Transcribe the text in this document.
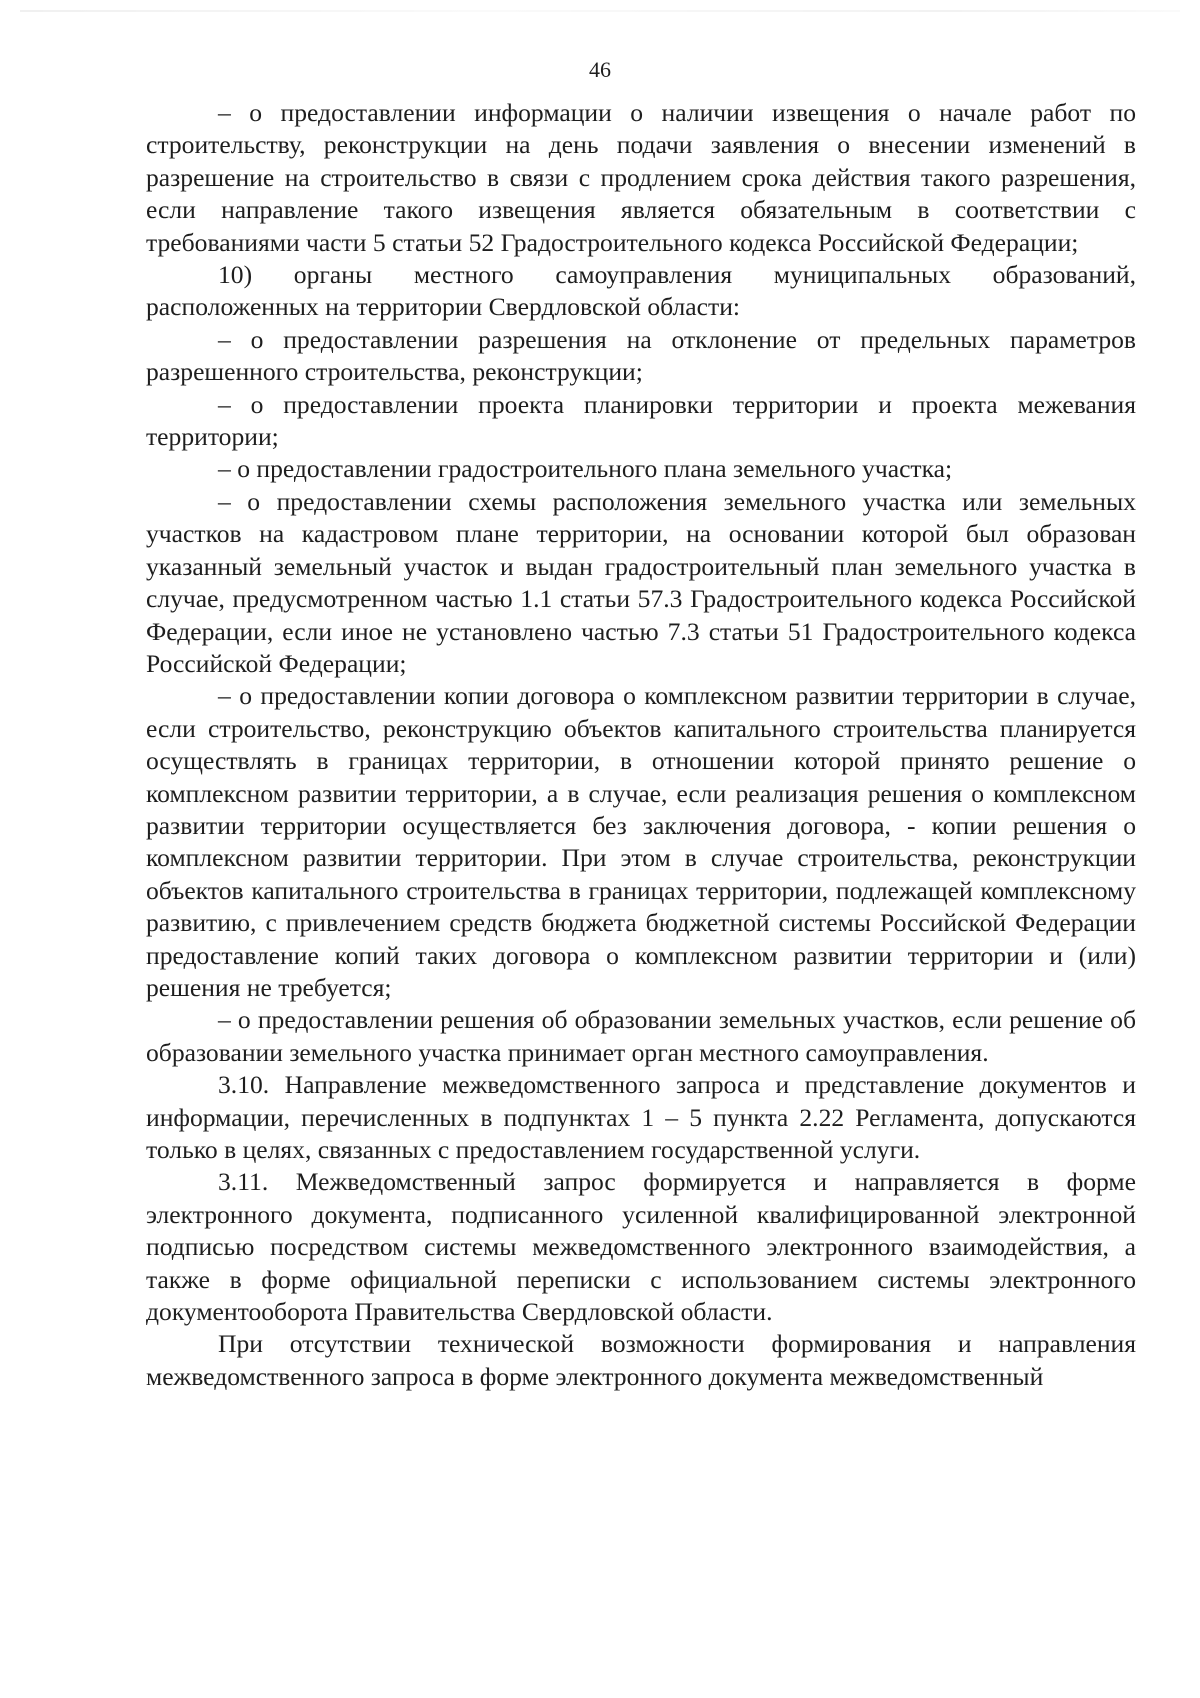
46

– о предоставлении информации о наличии извещения о начале работ по строительству, реконструкции на день подачи заявления о внесении изменений в разрешение на строительство в связи с продлением срока действия такого разрешения, если направление такого извещения является обязательным в соответствии с требованиями части 5 статьи 52 Градостроительного кодекса Российской Федерации;

10) органы местного самоуправления муниципальных образований, расположенных на территории Свердловской области:

– о предоставлении разрешения на отклонение от предельных параметров разрешенного строительства, реконструкции;

– о предоставлении проекта планировки территории и проекта межевания территории;

– о предоставлении градостроительного плана земельного участка;

– о предоставлении схемы расположения земельного участка или земельных участков на кадастровом плане территории, на основании которой был образован указанный земельный участок и выдан градостроительный план земельного участка в случае, предусмотренном частью 1.1 статьи 57.3 Градостроительного кодекса Российской Федерации, если иное не установлено частью 7.3 статьи 51 Градостроительного кодекса Российской Федерации;

– о предоставлении копии договора о комплексном развитии территории в случае, если строительство, реконструкцию объектов капитального строительства планируется осуществлять в границах территории, в отношении которой принято решение о комплексном развитии территории, а в случае, если реализация решения о комплексном развитии территории осуществляется без заключения договора, - копии решения о комплексном развитии территории. При этом в случае строительства, реконструкции объектов капитального строительства в границах территории, подлежащей комплексному развитию, с привлечением средств бюджета бюджетной системы Российской Федерации предоставление копий таких договора о комплексном развитии территории и (или) решения не требуется;

– о предоставлении решения об образовании земельных участков, если решение об образовании земельного участка принимает орган местного самоуправления.

3.10. Направление межведомственного запроса и представление документов и информации, перечисленных в подпунктах 1 – 5 пункта 2.22 Регламента, допускаются только в целях, связанных с предоставлением государственной услуги.

3.11. Межведомственный запрос формируется и направляется в форме электронного документа, подписанного усиленной квалифицированной электронной подписью посредством системы межведомственного электронного взаимодействия, а также в форме официальной переписки с использованием системы электронного документооборота Правительства Свердловской области.

При отсутствии технической возможности формирования и направления межведомственного запроса в форме электронного документа межведомственный
